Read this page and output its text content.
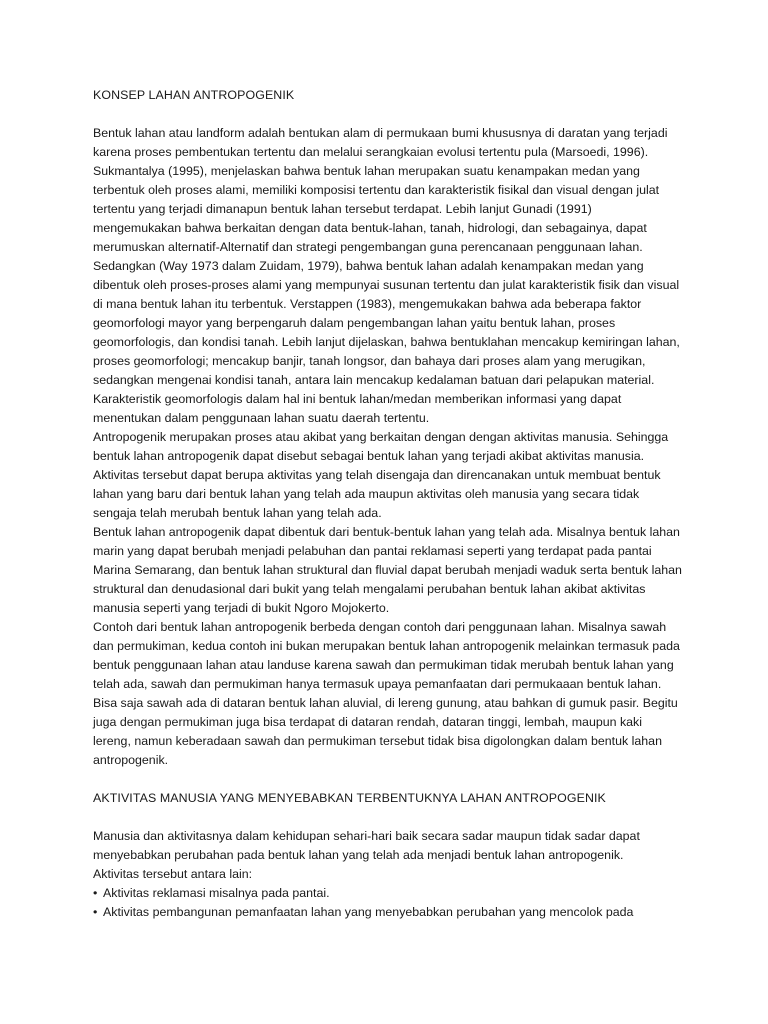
KONSEP LAHAN ANTROPOGENIK

Bentuk lahan atau landform adalah bentukan alam di permukaan bumi khususnya di daratan yang terjadi karena proses pembentukan tertentu dan melalui serangkaian evolusi tertentu pula (Marsoedi, 1996). Sukmantalya (1995), menjelaskan bahwa bentuk lahan merupakan suatu kenampakan medan yang terbentuk oleh proses alami, memiliki komposisi tertentu dan karakteristik fisikal dan visual dengan julat tertentu yang terjadi dimanapun bentuk lahan tersebut terdapat. Lebih lanjut Gunadi (1991) mengemukakan bahwa berkaitan dengan data bentuk-lahan, tanah, hidrologi, dan sebagainya, dapat merumuskan alternatif-Alternatif dan strategi pengembangan guna perencanaan penggunaan lahan. Sedangkan (Way 1973 dalam Zuidam, 1979), bahwa bentuk lahan adalah kenampakan medan yang dibentuk oleh proses-proses alami yang mempunyai susunan tertentu dan julat karakteristik fisik dan visual di mana bentuk lahan itu terbentuk. Verstappen (1983), mengemukakan bahwa ada beberapa faktor geomorfologi mayor yang berpengaruh dalam pengembangan lahan yaitu bentuk lahan, proses geomorfologis, dan kondisi tanah. Lebih lanjut dijelaskan, bahwa bentuklahan mencakup kemiringan lahan, proses geomorfologi; mencakup banjir, tanah longsor, dan bahaya dari proses alam yang merugikan, sedangkan mengenai kondisi tanah, antara lain mencakup kedalaman batuan dari pelapukan material. Karakteristik geomorfologis dalam hal ini bentuk lahan/medan memberikan informasi yang dapat menentukan dalam penggunaan lahan suatu daerah tertentu.

Antropogenik merupakan proses atau akibat yang berkaitan dengan dengan aktivitas manusia. Sehingga bentuk lahan antropogenik dapat disebut sebagai bentuk lahan yang terjadi akibat aktivitas manusia. Aktivitas tersebut dapat berupa aktivitas yang telah disengaja dan direncanakan untuk membuat bentuk lahan yang baru dari bentuk lahan yang telah ada maupun aktivitas oleh manusia yang secara tidak sengaja telah merubah bentuk lahan yang telah ada.

Bentuk lahan antropogenik dapat dibentuk dari bentuk-bentuk lahan yang telah ada. Misalnya bentuk lahan marin yang dapat berubah menjadi pelabuhan dan pantai reklamasi seperti yang terdapat pada pantai Marina Semarang, dan bentuk lahan struktural dan fluvial dapat berubah menjadi waduk serta bentuk lahan struktural dan denudasional dari bukit yang telah mengalami perubahan bentuk lahan akibat aktivitas manusia seperti yang terjadi di bukit Ngoro Mojokerto.

Contoh dari bentuk lahan antropogenik berbeda dengan contoh dari penggunaan lahan. Misalnya sawah dan permukiman, kedua contoh ini bukan merupakan bentuk lahan antropogenik melainkan termasuk pada bentuk penggunaan lahan atau landuse karena sawah dan permukiman tidak merubah bentuk lahan yang telah ada, sawah dan permukiman hanya termasuk upaya pemanfaatan dari permukaaan bentuk lahan. Bisa saja sawah ada di dataran bentuk lahan aluvial, di lereng gunung, atau bahkan di gumuk pasir. Begitu juga dengan permukiman juga bisa terdapat di dataran rendah, dataran tinggi, lembah, maupun kaki lereng, namun keberadaan sawah dan permukiman tersebut tidak bisa digolongkan dalam bentuk lahan antropogenik.

AKTIVITAS MANUSIA YANG MENYEBABKAN TERBENTUKNYA LAHAN ANTROPOGENIK

Manusia dan aktivitasnya dalam kehidupan sehari-hari baik secara sadar maupun tidak sadar dapat menyebabkan perubahan pada bentuk lahan yang telah ada menjadi bentuk lahan antropogenik.

Aktivitas tersebut antara lain:

• Aktivitas reklamasi misalnya pada pantai.
• Aktivitas pembangunan pemanfaatan lahan yang menyebabkan perubahan yang mencolok pada
